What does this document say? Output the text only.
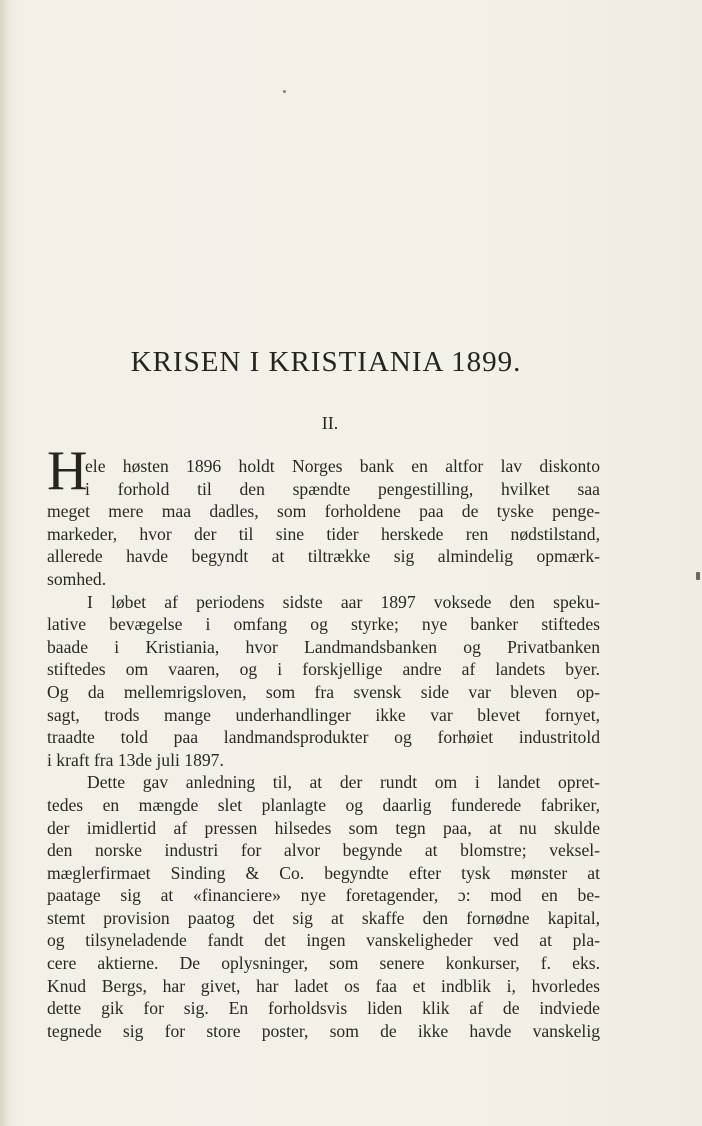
KRISEN I KRISTIANIA 1899.
II.
H
ele høsten 1896 holdt Norges bank en altfor lav diskonto
i forhold til den spændte pengestilling, hvilket saa
meget mere maa dadles, som forholdene paa de tyske penge-
markeder, hvor der til sine tider herskede ren nødstilstand,
allerede havde begyndt at tiltrække sig almindelig opmærk-
somhed.
I løbet af periodens sidste aar 1897 voksede den speku-
lative bevægelse i omfang og styrke; nye banker stiftedes
baade i Kristiania, hvor Landmandsbanken og Privatbanken
stiftedes om vaaren, og i forskjellige andre af landets byer.
Og da mellemrigsloven, som fra svensk side var bleven op-
sagt, trods mange underhandlinger ikke var blevet fornyet,
traadte told paa landmandsprodukter og forhøiet industritold
i kraft fra 13de juli 1897.
Dette gav anledning til, at der rundt om i landet opret-
tedes en mængde slet planlagte og daarlig funderede fabriker,
der imidlertid af pressen hilsedes som tegn paa, at nu skulde
den norske industri for alvor begynde at blomstre; veksel-
mæglerfirmaet Sinding & Co. begyndte efter tysk mønster at
paatage sig at «financiere» nye foretagender, ɔ: mod en be-
stemt provision paatog det sig at skaffe den fornødne kapital,
og tilsyneladende fandt det ingen vanskeligheder ved at pla-
cere aktierne. De oplysninger, som senere konkurser, f. eks.
Knud Bergs, har givet, har ladet os faa et indblik i, hvorledes
dette gik for sig. En forholdsvis liden klik af de indviede
tegnede sig for store poster, som de ikke havde vanskelig
